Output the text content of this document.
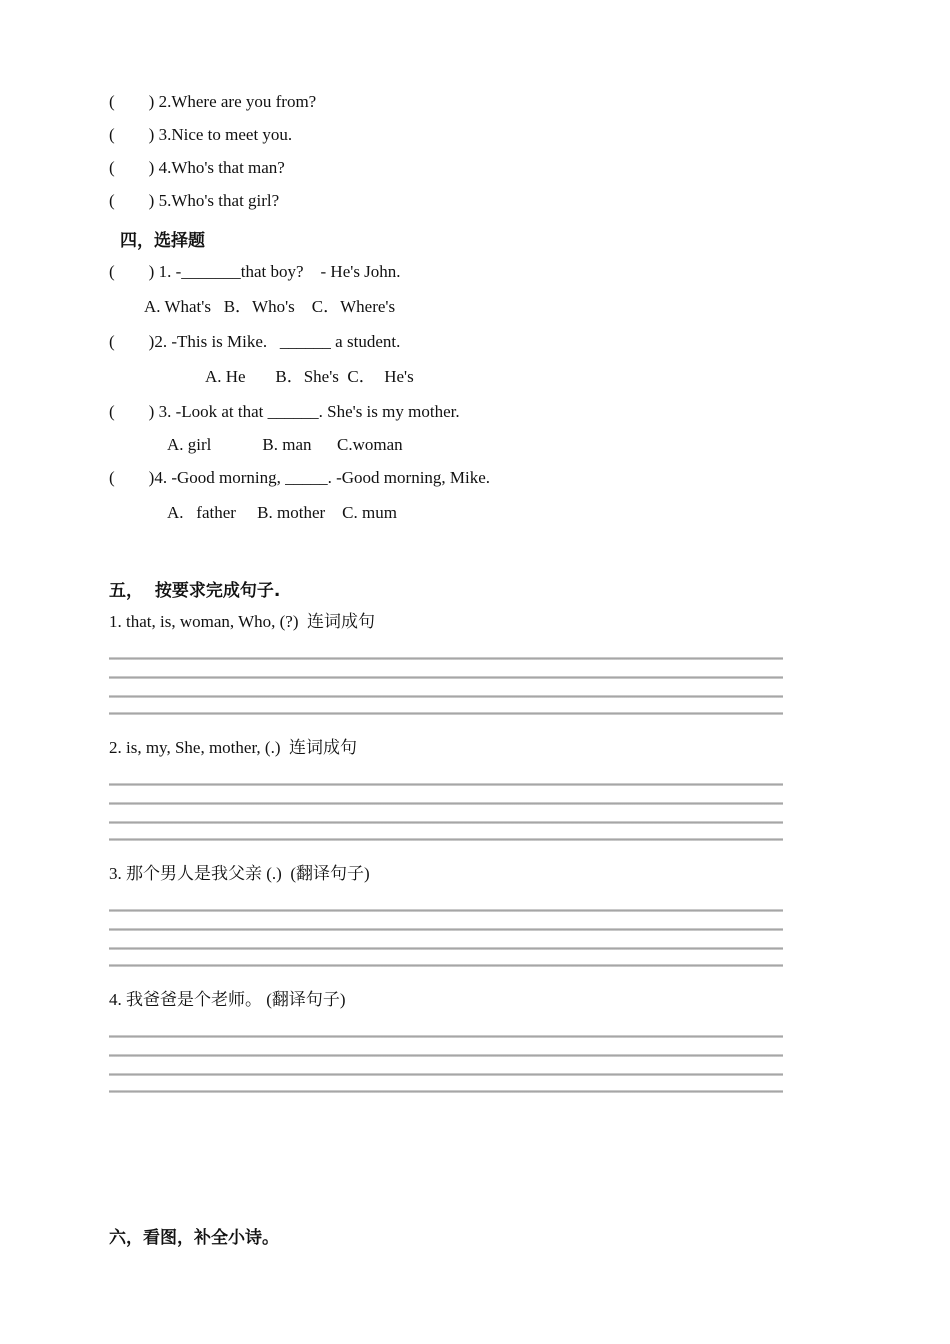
(        ) 2.Where are you from?
(        ) 3.Nice to meet you.
(        ) 4.Who's that man?
(        ) 5.Who's that girl?
四，选择题
(        ) 1. -_______that boy?    - He's John.
A. What's   B．Who's    C．Where's
(        )2. -This is Mike.   ______ a student.
A. He       B．She's  C．  He's
(        ) 3. -Look at that ______. She's is my mother.
A. girl            B. man      C.woman
(        )4. -Good morning, _____. -Good morning, Mike.
A.   father     B. mother    C. mum
五，  按要求完成句子.
1. that, is, woman, Who, (?)  连词成句
2. is, my, She, mother, (.)  连词成句
3. 那个男人是我父亲 (.)  (翻译句子)
4. 我爸爸是个老师。 (翻译句子)
六，看图，补全小诗。
